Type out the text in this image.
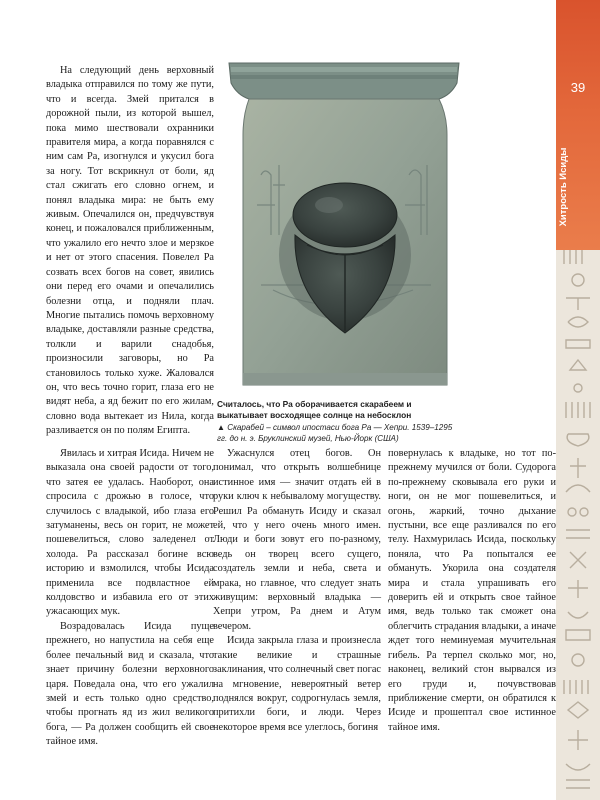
На следующий день верховный владыка отправился по тому же пути, что и всегда. Змей притался в дорожной пыли, из которой вышел, пока мимо шествовали охранники правителя мира, а когда поравнялся с ним сам Ра, изогнулся и укусил бога за ногу. Тот вскрикнул от боли, яд стал сжигать его словно огнем, и понял владыка мира: не быть ему живым. Опечалился он, предчувствуя конец, и пожаловался приближенным, что ужалило его нечто злое и мерзкое и нет от этого спасения. Повелел Ра созвать всех богов на совет, явились они перед его очами и опечалились болезни отца, и подняли плач. Многие пытались помочь верховному владыке, доставляли разные средства, толкли и варили снадобья, произносили заговоры, но Ра становилось только хуже. Жаловался он, что весь точно горит, глаза его не видят неба, а яд бежит по его жилам, словно вода вытекает из Нила, когда разливается он по полям Египта.

Считалось, что Ра оборачивается скарабеем и выкатывает восходящее солнце на небосклон
▲ Скарабей – символ ипостаси бога Ра — Хепри. 1539–1295 гг. до н. э. Бруклинский музей, Нью-Йорк (США)

Явилась и хитрая Исида. Ничем не выказала она своей радости от того, что затея ее удалась. Наоборот, она спросила с дрожью в голосе, что случилось с владыкой, ибо глаза его затуманены, весь он горит, не может пошевелиться, слово заледенел от холода. Ра рассказал богине всю историю и взмолился, чтобы Исида применила все подвластное ей колдовство и избавила его от этих ужасающих мук.

Возрадовалась Исида пуще прежнего, но напустила на себя еще более печальный вид и сказала, что знает причину болезни верховного царя. Поведала она, что его ужалил змей и есть только одно средство, чтобы прогнать яд из жил великого бога, — Ра должен сообщить ей свое тайное имя.

Ужаснулся отец богов. Он понимал, что открыть волшебнице истинное имя — значит отдать ей в руки ключ к небывалому могуществу. Решил Ра обмануть Исиду и сказал ей, что у него очень много имен. Люди и боги зовут его по-разному, ведь он творец всего сущего, создатель земли и неба, света и мрака, но главное, что следует знать живущим: верховный владыка — Хепри утром, Ра днем и Атум вечером.

Исида закрыла глаза и произнесла такие великие и страшные заклинания, что солнечный свет погас на мгновение, невероятный ветер поднялся вокруг, содрогнулась земля, притихли боги, и люди. Через некоторое время все улеглось, богиня

повернулась к владыке, но тот по-прежнему мучился от боли. Судорога по-прежнему сковывала его руки и ноги, он не мог пошевелиться, и огонь, жаркий, точно дыхание пустыни, все еще разливался по его телу. Нахмурилась Исида, поскольку поняла, что Ра попытался ее обмануть. Укорила она создателя мира и стала упрашивать его доверить ей и открыть свое тайное имя, ведь только так сможет она облегчить страдания владыки, а иначе ждет того неминуемая мучительная гибель. Ра терпел сколько мог, но, наконец, великий стон вырвался из его груди и, почувствовав приближение смерти, он обратился к Исиде и прошептал свое истинное тайное имя.

39
Хитрость Исиды
